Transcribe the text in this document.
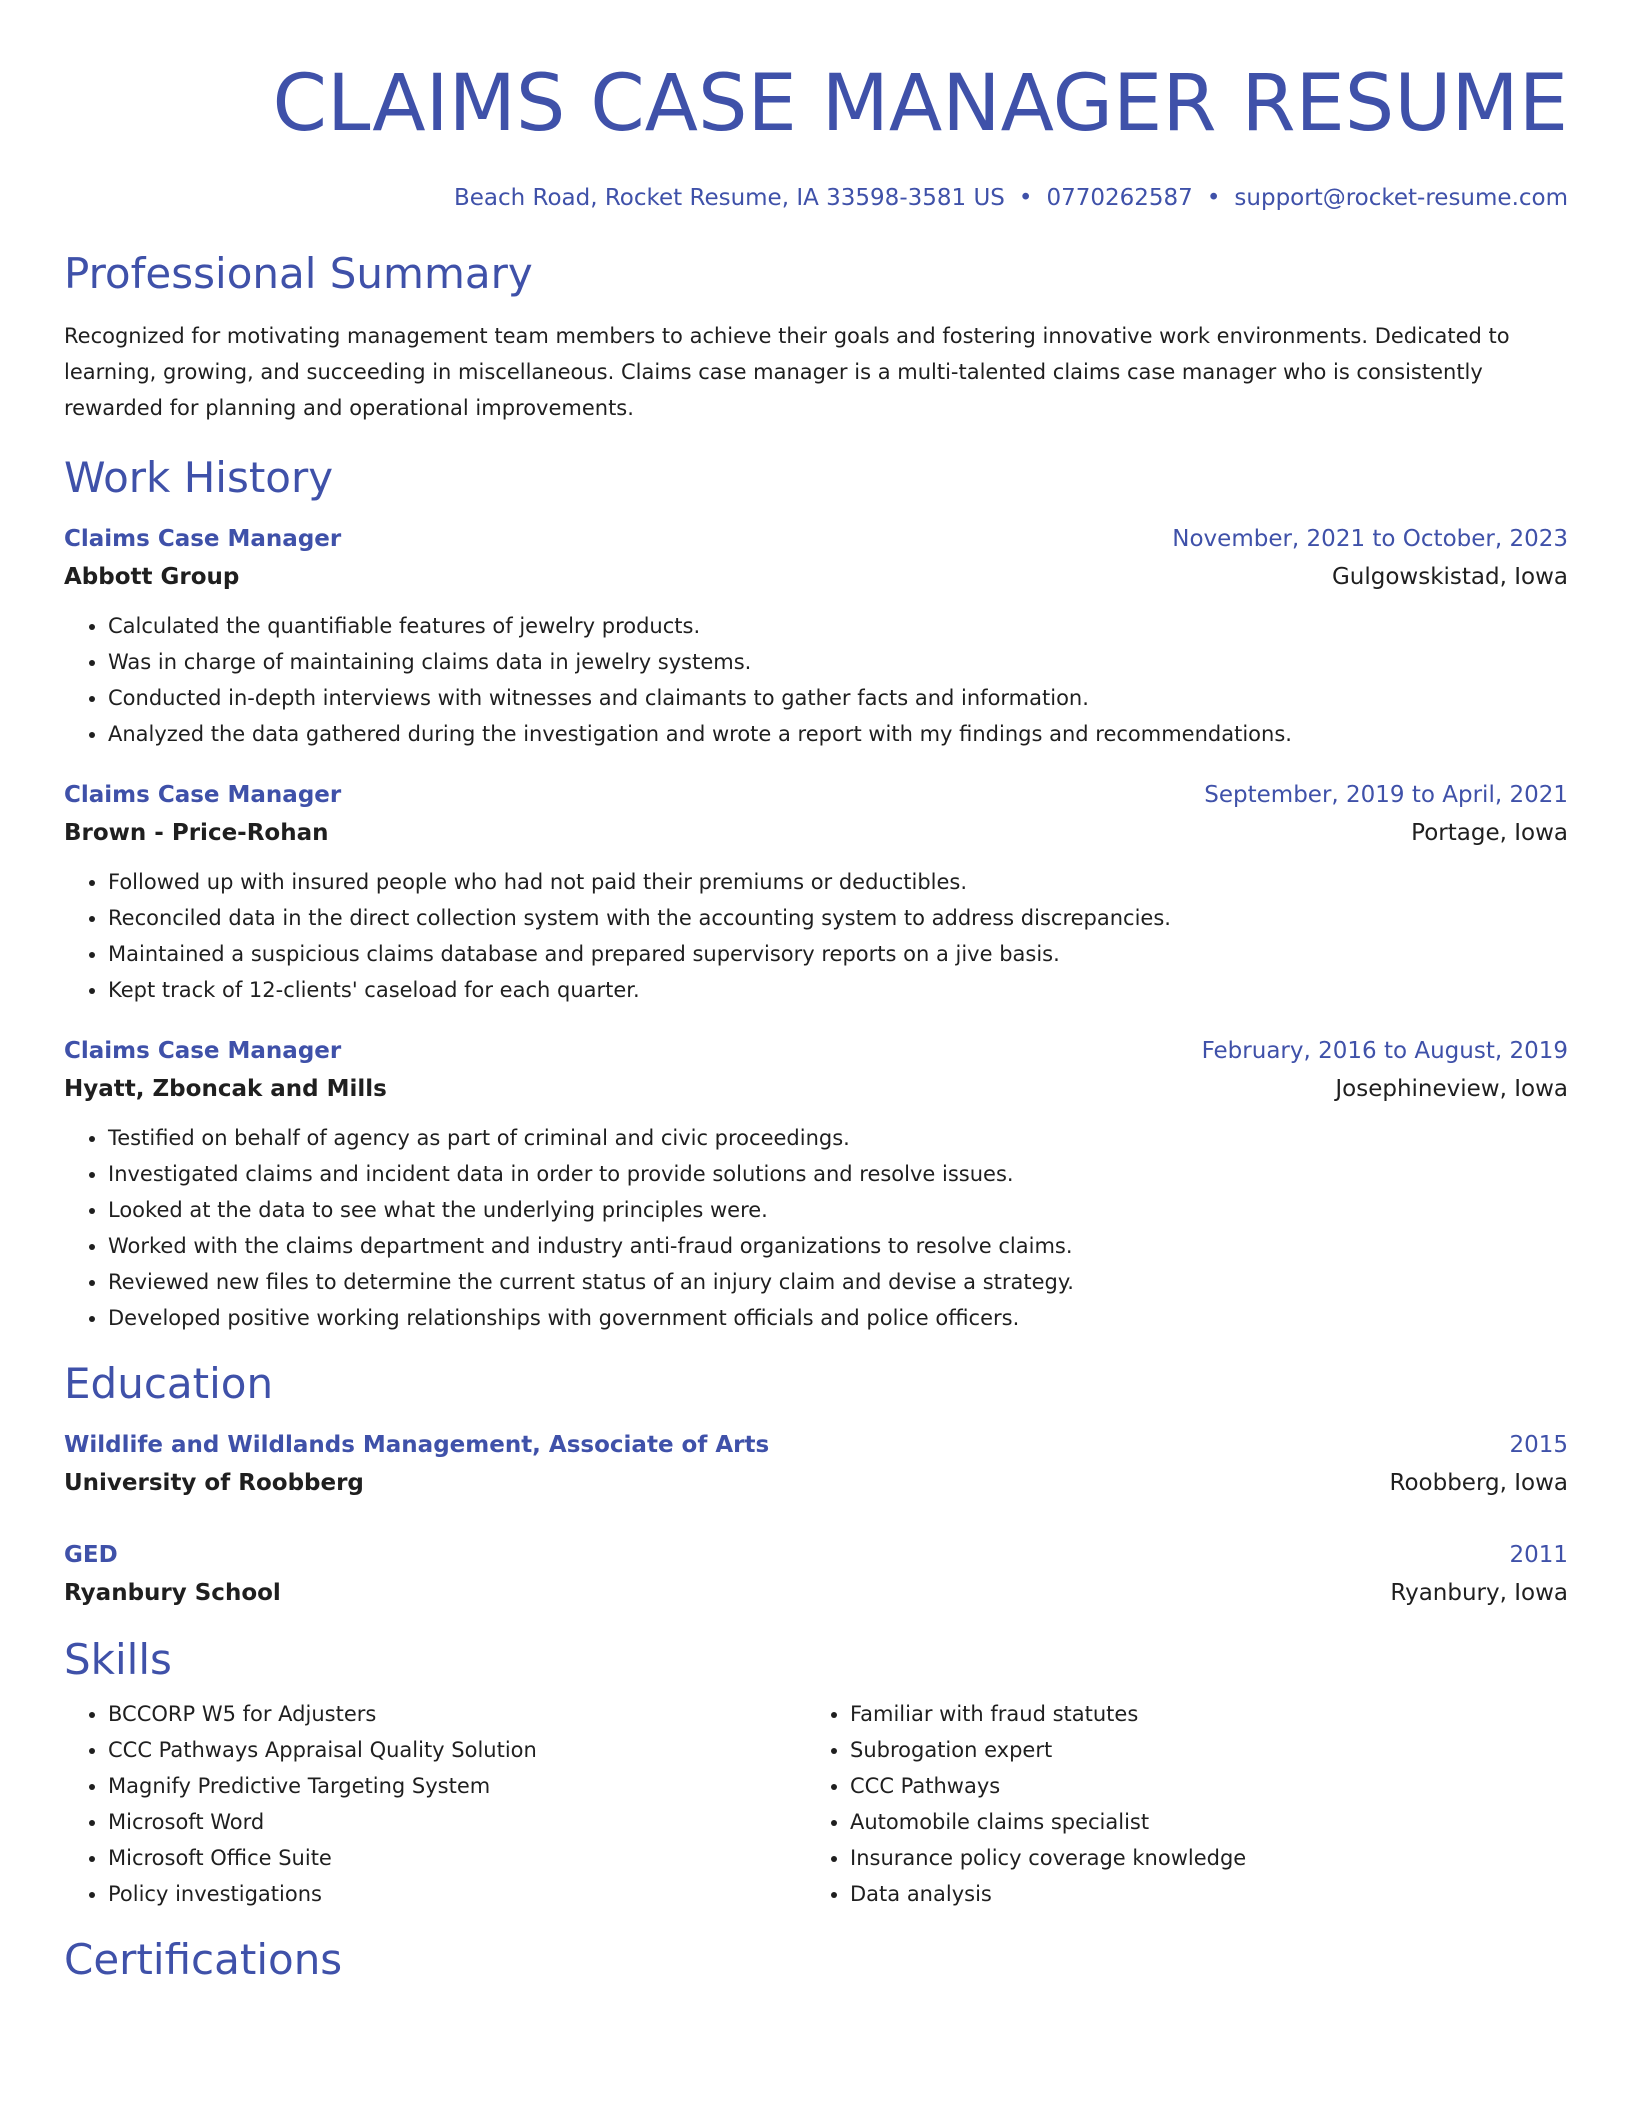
CLAIMS CASE MANAGER RESUME
Beach Road, Rocket Resume, IA 33598-3581 US • 0770262587 • support@rocket-resume.com
Professional Summary
Recognized for motivating management team members to achieve their goals and fostering innovative work environments. Dedicated to learning, growing, and succeeding in miscellaneous. Claims case manager is a multi-talented claims case manager who is consistently rewarded for planning and operational improvements.
Work History
Claims Case Manager	November, 2021 to October, 2023
Abbott Group	Gulgowskistad, Iowa
• Calculated the quantifiable features of jewelry products.
• Was in charge of maintaining claims data in jewelry systems.
• Conducted in-depth interviews with witnesses and claimants to gather facts and information.
• Analyzed the data gathered during the investigation and wrote a report with my findings and recommendations.
Claims Case Manager	September, 2019 to April, 2021
Brown - Price-Rohan	Portage, Iowa
• Followed up with insured people who had not paid their premiums or deductibles.
• Reconciled data in the direct collection system with the accounting system to address discrepancies.
• Maintained a suspicious claims database and prepared supervisory reports on a jive basis.
• Kept track of 12-clients' caseload for each quarter.
Claims Case Manager	February, 2016 to August, 2019
Hyatt, Zboncak and Mills	Josephineview, Iowa
• Testified on behalf of agency as part of criminal and civic proceedings.
• Investigated claims and incident data in order to provide solutions and resolve issues.
• Looked at the data to see what the underlying principles were.
• Worked with the claims department and industry anti-fraud organizations to resolve claims.
• Reviewed new files to determine the current status of an injury claim and devise a strategy.
• Developed positive working relationships with government officials and police officers.
Education
Wildlife and Wildlands Management, Associate of Arts	2015
University of Roobberg	Roobberg, Iowa
GED	2011
Ryanbury School	Ryanbury, Iowa
Skills
• BCCORP W5 for Adjusters
• CCC Pathways Appraisal Quality Solution
• Magnify Predictive Targeting System
• Microsoft Word
• Microsoft Office Suite
• Policy investigations
• Familiar with fraud statutes
• Subrogation expert
• CCC Pathways
• Automobile claims specialist
• Insurance policy coverage knowledge
• Data analysis
Certifications
